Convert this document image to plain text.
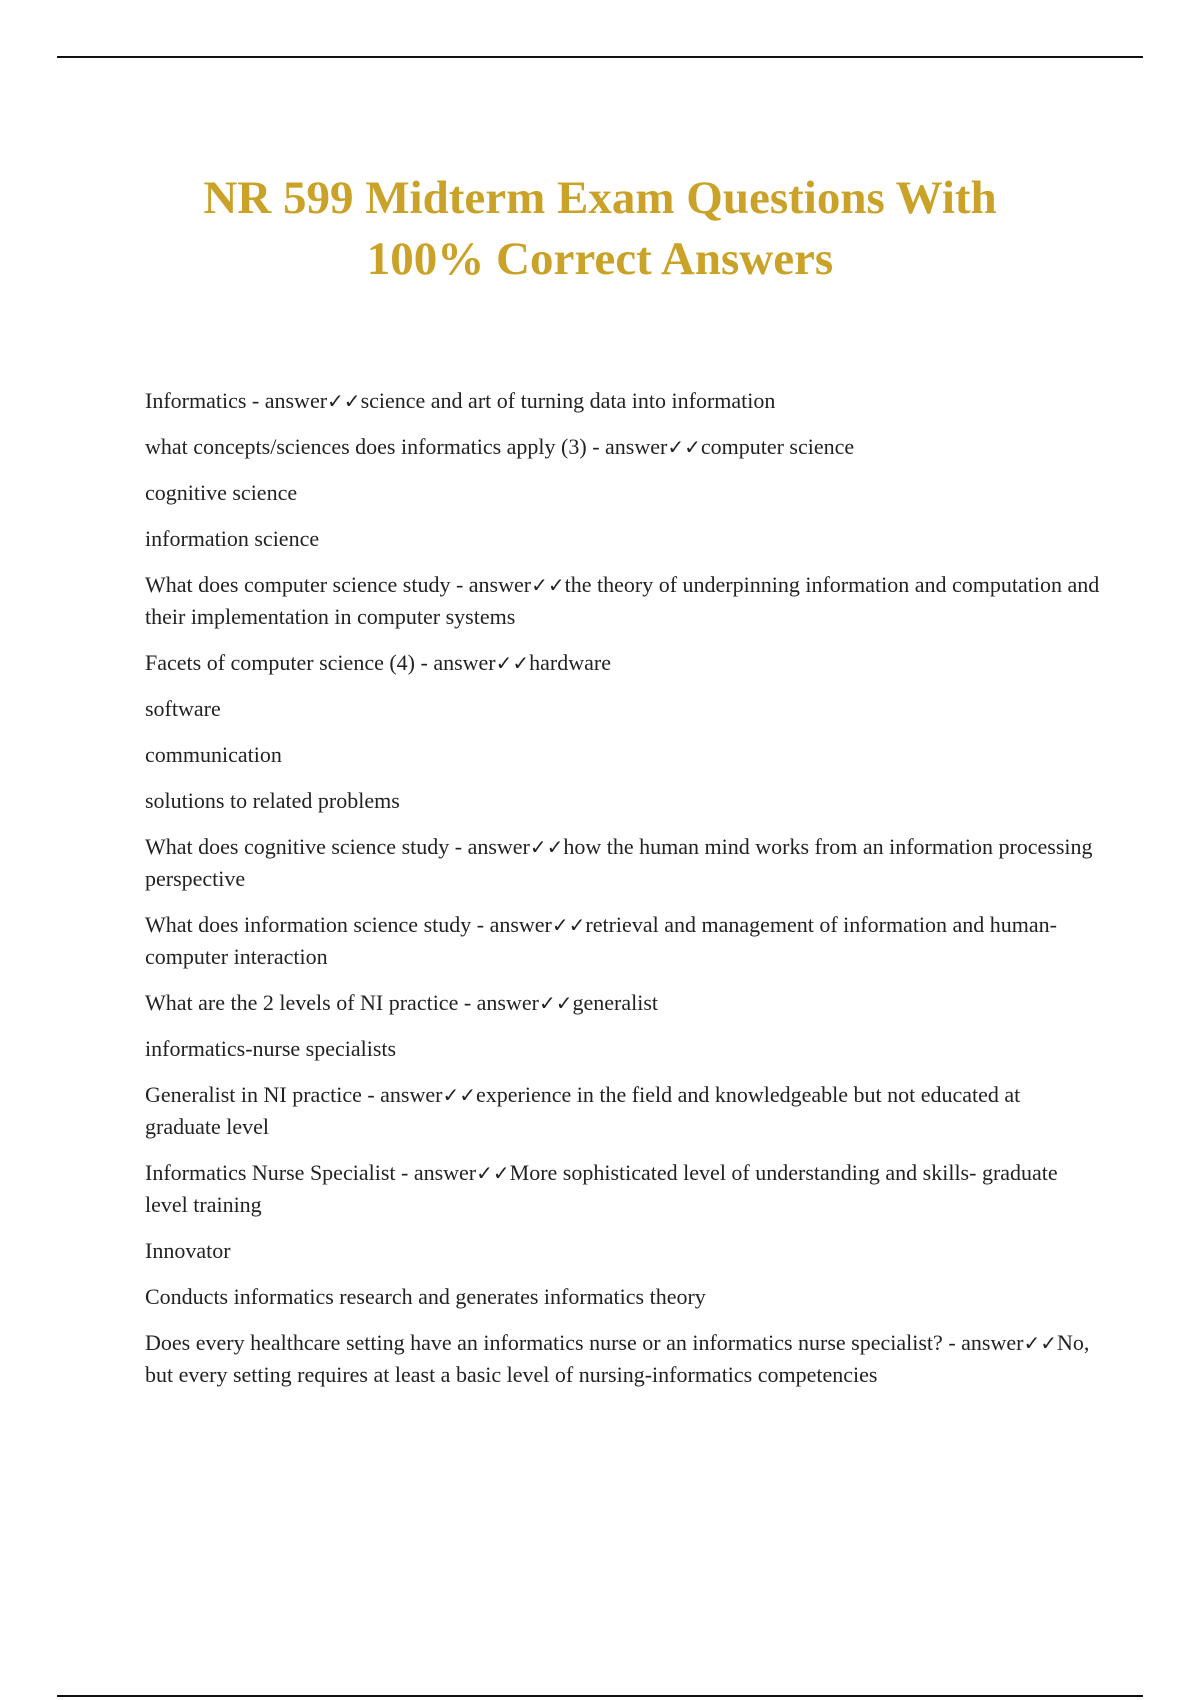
NR 599 Midterm Exam Questions With
100% Correct Answers

Informatics - answer✓✓science and art of turning data into information

what concepts/sciences does informatics apply (3) - answer✓✓computer science

cognitive science

information science

What does computer science study - answer✓✓the theory of underpinning information and computation and their implementation in computer systems

Facets of computer science (4) - answer✓✓hardware

software

communication

solutions to related problems

What does cognitive science study - answer✓✓how the human mind works from an information processing perspective

What does information science study - answer✓✓retrieval and management of information and human-computer interaction

What are the 2 levels of NI practice - answer✓✓generalist

informatics-nurse specialists

Generalist in NI practice - answer✓✓experience in the field and knowledgeable but not educated at graduate level

Informatics Nurse Specialist - answer✓✓More sophisticated level of understanding and skills- graduate level training

Innovator

Conducts informatics research and generates informatics theory

Does every healthcare setting have an informatics nurse or an informatics nurse specialist? - answer✓✓No, but every setting requires at least a basic level of nursing-informatics competencies
